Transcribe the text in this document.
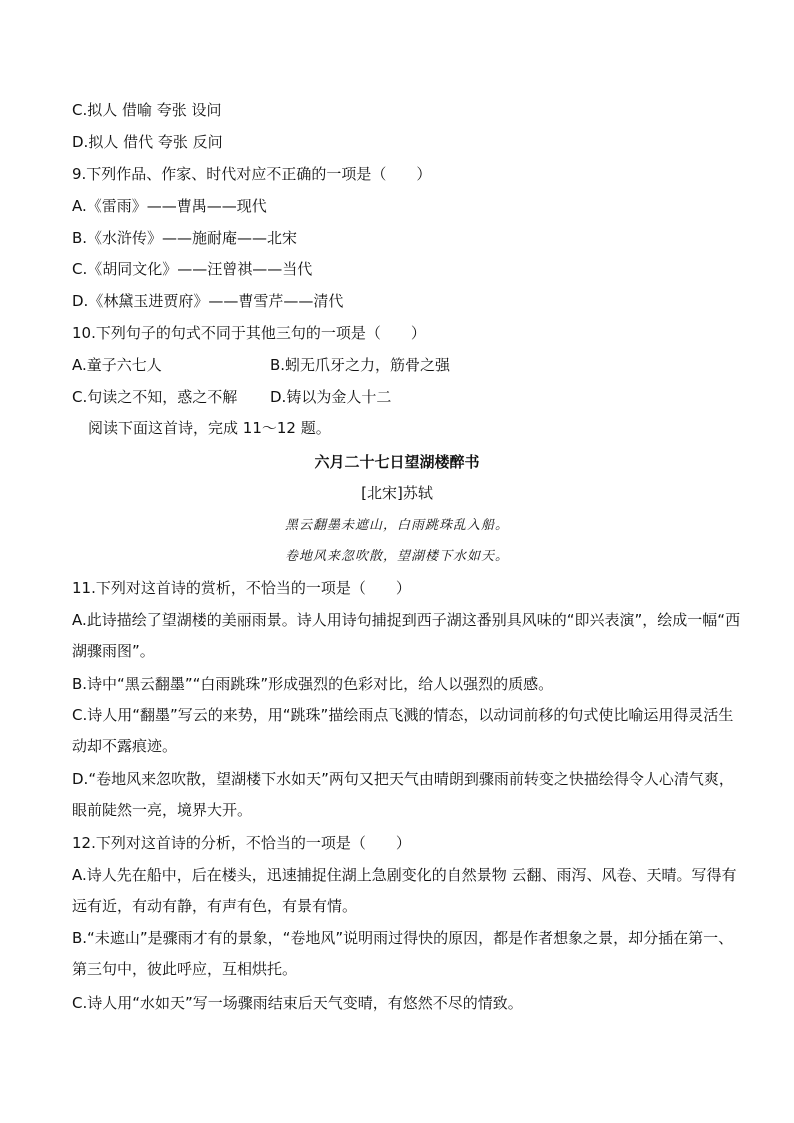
C.拟人 借喻 夸张 设问
D.拟人 借代 夸张 反问
9.下列作品、作家、时代对应不正确的一项是（　　）
A.《雷雨》——曹禺——现代
B.《水浒传》——施耐庵——北宋
C.《胡同文化》——汪曾祺——当代
D.《林黛玉进贾府》——曹雪芹——清代
10.下列句子的句式不同于其他三句的一项是（　　）
A.童子六七人	B.蚓无爪牙之力，筋骨之强
C.句读之不知，惑之不解 D.铸以为金人十二
阅读下面这首诗，完成 11～12 题。
六月二十七日望湖楼醉书
[北宋]苏轼
黑云翻墨未遮山，白雨跳珠乱入船。
卷地风来忽吹散，望湖楼下水如天。
11.下列对这首诗的赏析，不恰当的一项是（　　）
A.此诗描绘了望湖楼的美丽雨景。诗人用诗句捕捉到西子湖这番别具风味的“即兴表演”，绘成一幅“西湖骤雨图”。
B.诗中“黑云翻墨”“白雨跳珠”形成强烈的色彩对比，给人以强烈的质感。
C.诗人用“翻墨”写云的来势，用“跳珠”描绘雨点飞溅的情态，以动词前移的句式使比喻运用得灵活生动却不露痕迹。
D.“卷地风来忽吹散，望湖楼下水如天”两句又把天气由晴朗到骤雨前转变之快描绘得令人心清气爽，眼前陡然一亮，境界大开。
12.下列对这首诗的分析，不恰当的一项是（　　）
A.诗人先在船中，后在楼头，迅速捕捉住湖上急剧变化的自然景物 云翻、雨泻、风卷、天晴。写得有远有近，有动有静，有声有色，有景有情。
B.“未遮山”是骤雨才有的景象，“卷地风”说明雨过得快的原因，都是作者想象之景，却分插在第一、第三句中，彼此呼应，互相烘托。
C.诗人用“水如天”写一场骤雨结束后天气变晴，有悠然不尽的情致。
